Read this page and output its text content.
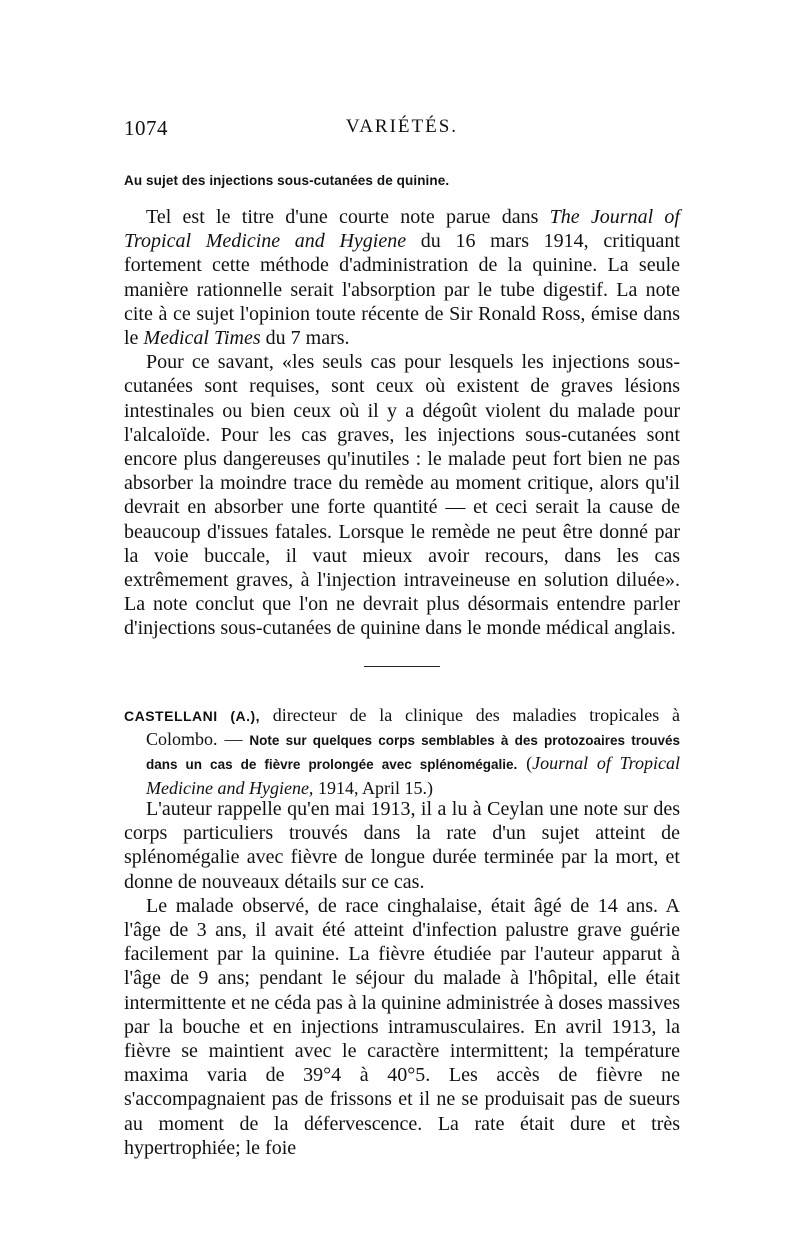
1074	VARIÉTÉS.
Au sujet des injections sous-cutanées de quinine.

Tel est le titre d'une courte note parue dans The Journal of Tropical Medicine and Hygiene du 16 mars 1914, critiquant fortement cette méthode d'administration de la quinine. La seule manière rationnelle serait l'absorption par le tube digestif. La note cite à ce sujet l'opinion toute récente de Sir Ronald Ross, émise dans le Medical Times du 7 mars.

Pour ce savant, «les seuls cas pour lesquels les injections sous-cutanées sont requises, sont ceux où existent de graves lésions intestinales ou bien ceux où il y a dégoût violent du malade pour l'alcaloïde. Pour les cas graves, les injections sous-cutanées sont encore plus dangereuses qu'inutiles : le malade peut fort bien ne pas absorber la moindre trace du remède au moment critique, alors qu'il devrait en absorber une forte quantité — et ceci serait la cause de beaucoup d'issues fatales. Lorsque le remède ne peut être donné par la voie buccale, il vaut mieux avoir recours, dans les cas extrêmement graves, à l'injection intraveineuse en solution diluée». La note conclut que l'on ne devrait plus désormais entendre parler d'injections sous-cutanées de quinine dans le monde médical anglais.

CASTELLANI (A.), directeur de la clinique des maladies tropicales à Colombo. — Note sur quelques corps semblables à des protozoaires trouvés dans un cas de fièvre prolongée avec splénomégalie. (Journal of Tropical Medicine and Hygiene, 1914, April 15.)

L'auteur rappelle qu'en mai 1913, il a lu à Ceylan une note sur des corps particuliers trouvés dans la rate d'un sujet atteint de splénomégalie avec fièvre de longue durée terminée par la mort, et donne de nouveaux détails sur ce cas.

Le malade observé, de race cinghalaise, était âgé de 14 ans. A l'âge de 3 ans, il avait été atteint d'infection palustre grave guérie facilement par la quinine. La fièvre étudiée par l'auteur apparut à l'âge de 9 ans; pendant le séjour du malade à l'hôpital, elle était intermittente et ne céda pas à la quinine administrée à doses massives par la bouche et en injections intramusculaires. En avril 1913, la fièvre se maintient avec le caractère intermittent; la température maxima varia de 39°4 à 40°5. Les accès de fièvre ne s'accompagnaient pas de frissons et il ne se produisait pas de sueurs au moment de la défervescence. La rate était dure et très hypertrophiée; le foie
